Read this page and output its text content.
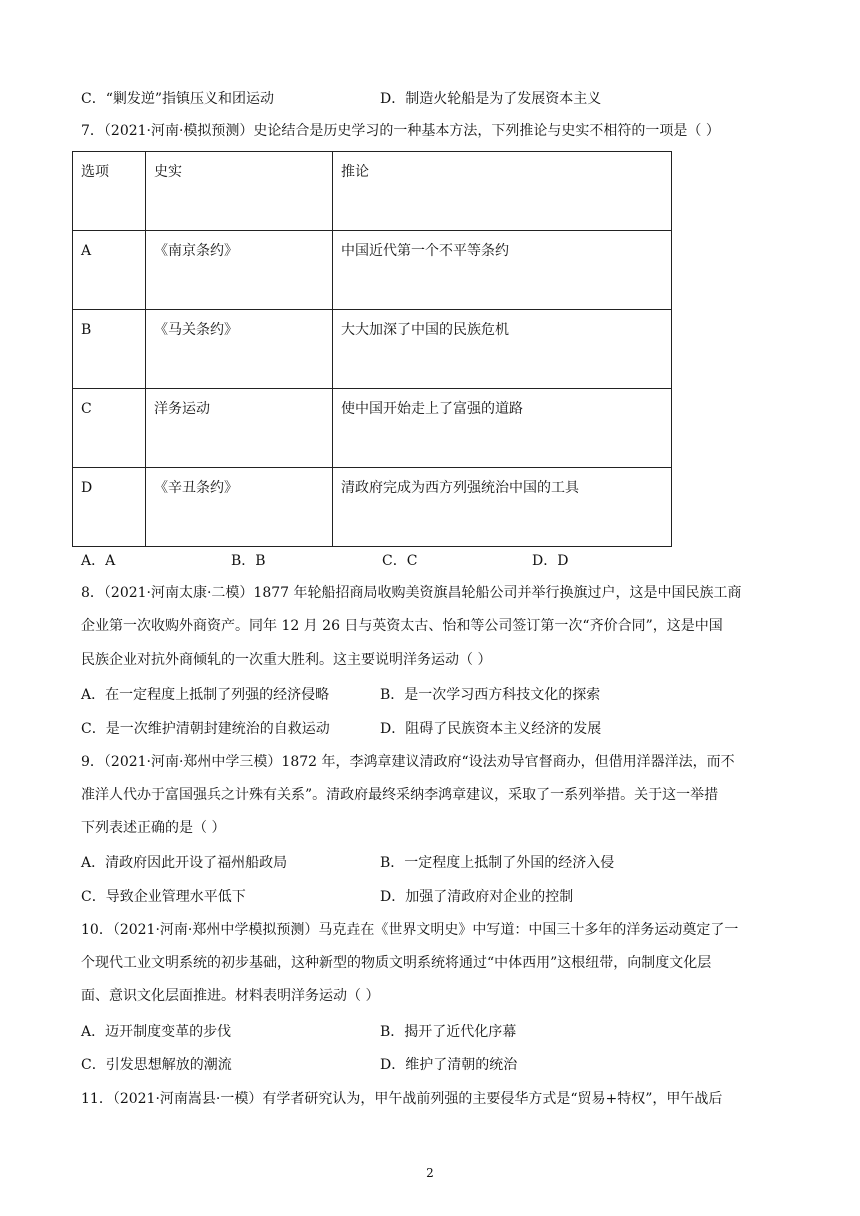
C．“剿发逆”指镇压义和团运动	D．制造火轮船是为了发展资本主义
7．（2021·河南·模拟预测）史论结合是历史学习的一种基本方法，下列推论与史实不相符的一项是（ ）
选项	史实	推论
A	《南京条约》	中国近代第一个不平等条约
B	《马关条约》	大大加深了中国的民族危机
C	洋务运动	使中国开始走上了富强的道路
D	《辛丑条约》	清政府完成为西方列强统治中国的工具
A．A	B．B	C．C	D．D
8．（2021·河南太康·二模）1877 年轮船招商局收购美资旗昌轮船公司并举行换旗过户，这是中国民族工商
企业第一次收购外商资产。同年 12 月 26 日与英资太古、怡和等公司签订第一次“齐价合同”，这是中国
民族企业对抗外商倾轧的一次重大胜利。这主要说明洋务运动（ ）
A．在一定程度上抵制了列强的经济侵略	B．是一次学习西方科技文化的探索
C．是一次维护清朝封建统治的自救运动	D．阻碍了民族资本主义经济的发展
9．（2021·河南·郑州中学三模）1872 年，李鸿章建议清政府“设法劝导官督商办，但借用洋器洋法，而不
准洋人代办于富国强兵之计殊有关系”。清政府最终采纳李鸿章建议，采取了一系列举措。关于这一举措
下列表述正确的是（ ）
A．清政府因此开设了福州船政局	B．一定程度上抵制了外国的经济入侵
C．导致企业管理水平低下	D．加强了清政府对企业的控制
10．（2021·河南·郑州中学模拟预测）马克垚在《世界文明史》中写道：中国三十多年的洋务运动奠定了一
个现代工业文明系统的初步基础，这种新型的物质文明系统将通过“中体西用”这根纽带，向制度文化层
面、意识文化层面推进。材料表明洋务运动（ ）
A．迈开制度变革的步伐	B．揭开了近代化序幕
C．引发思想解放的潮流	D．维护了清朝的统治
11．（2021·河南嵩县·一模）有学者研究认为，甲午战前列强的主要侵华方式是“贸易+特权”，甲午战后
2
